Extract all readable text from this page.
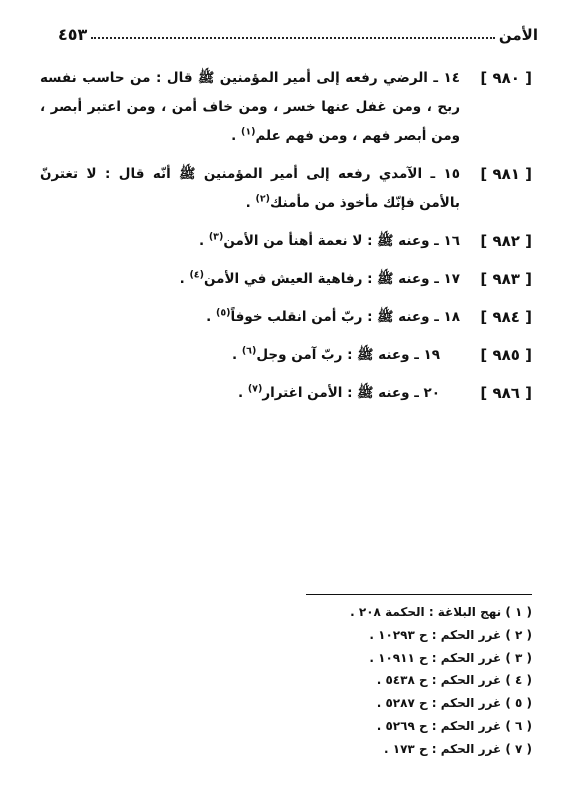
الأمن
٤٥٣
[ ٩٨٠ ]
١٤ ـ الرضي رفعه إلى أمير المؤمنين ﷺ قال : من حاسب نفسه ربح ، ومن غفل عنها خسر ، ومن خاف أمن ، ومن اعتبر أبصر ، ومن أبصر فهم ، ومن فهم علم$^{(١)}$ .
[ ٩٨١ ]
١٥ ـ الآمدي رفعه إلى أمير المؤمنين ﷺ أنّه قال : لا تغترنّ بالأمن فإنّك مأخوذ من مأمنك$^{(٢)}$ .
[ ٩٨٢ ]
١٦ ـ وعنه ﷺ : لا نعمة أهنأ من الأمن$^{(٣)}$ .
[ ٩٨٣ ]
١٧ ـ وعنه ﷺ : رفاهية العيش في الأمن$^{(٤)}$ .
[ ٩٨٤ ]
١٨ ـ وعنه ﷺ : ربّ أمن انقلب خوفاً$^{(٥)}$ .
[ ٩٨٥ ]
١٩ ـ وعنه ﷺ : ربّ آمن وجل$^{(٦)}$ .
[ ٩٨٦ ]
٢٠ ـ وعنه ﷺ : الأمن اغترار$^{(٧)}$ .
( ١ ) نهج البلاغة : الحكمة ٢٠٨ .
( ٢ ) غرر الحكم : ح ١٠٢٩٣ .
( ٣ ) غرر الحكم : ح ١٠٩١١ .
( ٤ ) غرر الحكم : ح ٥٤٣٨ .
( ٥ ) غرر الحكم : ح ٥٢٨٧ .
( ٦ ) غرر الحكم : ح ٥٢٦٩ .
( ٧ ) غرر الحكم : ح ١٧٣ .
